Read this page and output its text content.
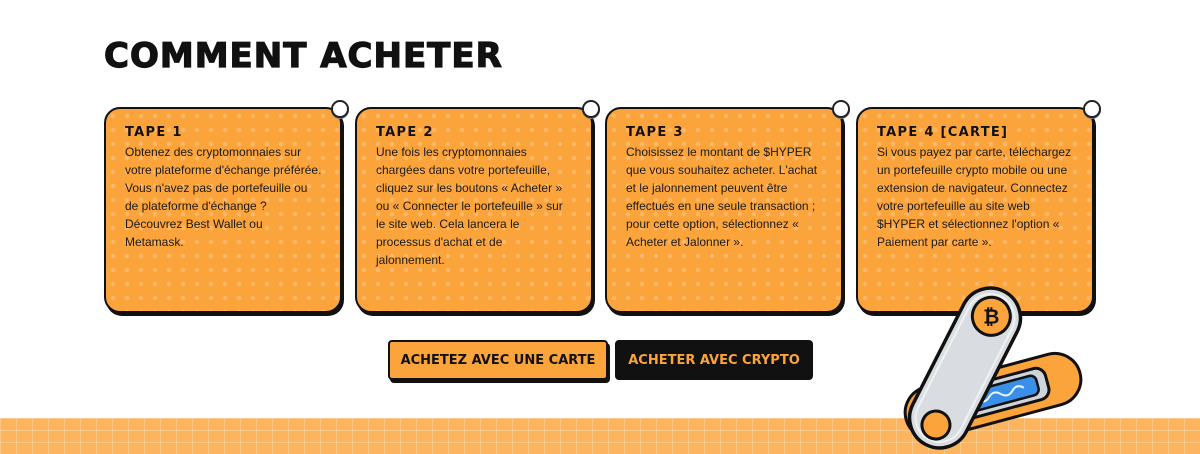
COMMENT ACHETER
TAPE 1

Obtenez des cryptomonnaies sur votre plateforme d'échange préférée. Vous n'avez pas de portefeuille ou de plateforme d'échange ? Découvrez Best Wallet ou Metamask.

TAPE 2

Une fois les cryptomonnaies chargées dans votre portefeuille, cliquez sur les boutons « Acheter » ou « Connecter le portefeuille » sur le site web. Cela lancera le processus d'achat et de jalonnement.

TAPE 3

Choisissez le montant de $HYPER que vous souhaitez acheter. L'achat et le jalonnement peuvent être effectués en une seule transaction ; pour cette option, sélectionnez « Acheter et Jalonner ».

TAPE 4 [CARTE]

Si vous payez par carte, téléchargez un portefeuille crypto mobile ou une extension de navigateur. Connectez votre portefeuille au site web $HYPER et sélectionnez l'option « Paiement par carte ».

ACHETEZ AVEC UNE CARTE	ACHETER AVEC CRYPTO
₿
